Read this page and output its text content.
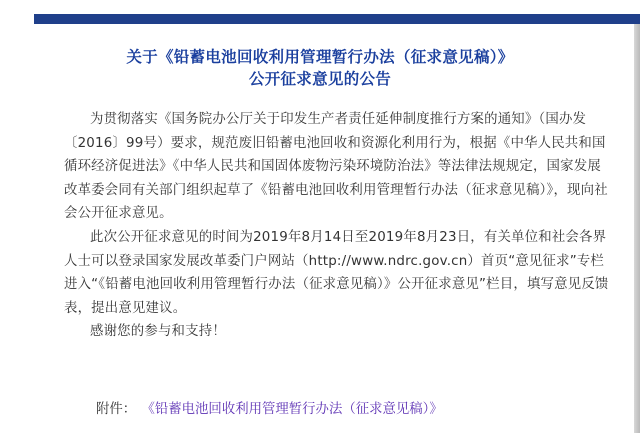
关于《铅蓄电池回收利用管理暂行办法（征求意见稿）》
公开征求意见的公告

为贯彻落实《国务院办公厅关于印发生产者责任延伸制度推行方案的通知》（国办发〔2016〕99号）要求，规范废旧铅蓄电池回收和资源化利用行为，根据《中华人民共和国循环经济促进法》《中华人民共和国固体废物污染环境防治法》等法律法规规定，国家发展改革委会同有关部门组织起草了《铅蓄电池回收利用管理暂行办法（征求意见稿）》，现向社会公开征求意见。

此次公开征求意见的时间为2019年8月14日至2019年8月23日，有关单位和社会各界人士可以登录国家发展改革委门户网站（http://www.ndrc.gov.cn）首页“意见征求”专栏进入“《铅蓄电池回收利用管理暂行办法（征求意见稿）》公开征求意见”栏目，填写意见反馈表，提出意见建议。

感谢您的参与和支持！

附件： 《铅蓄电池回收利用管理暂行办法（征求意见稿）》
